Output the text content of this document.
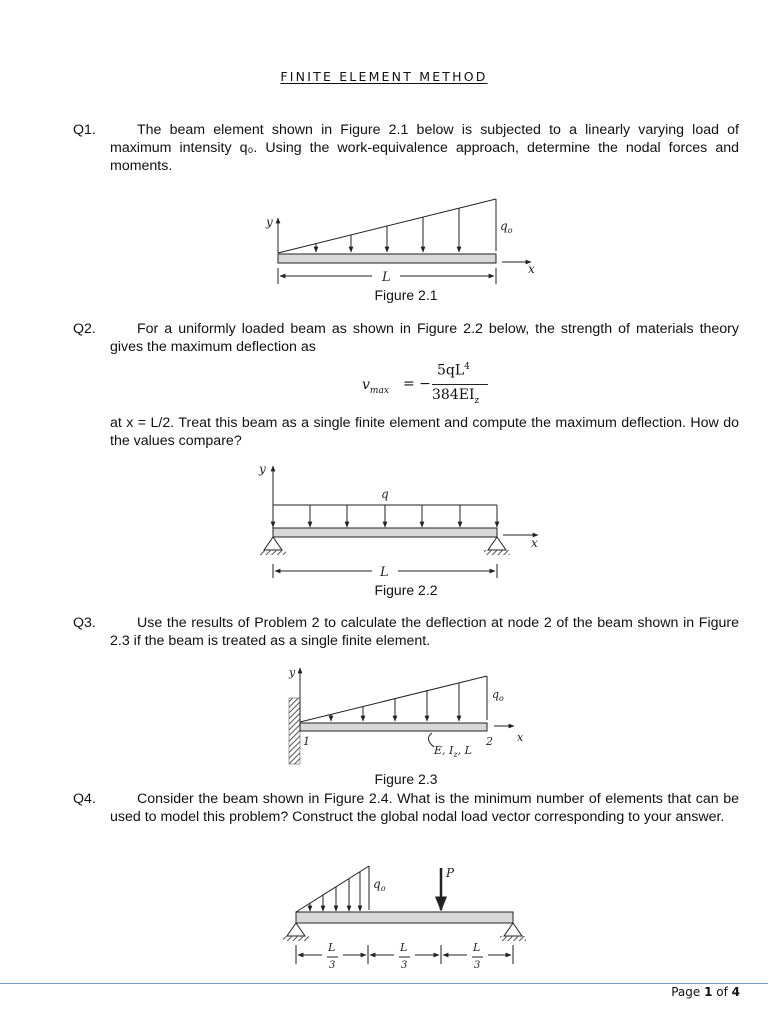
FINITE ELEMENT METHOD
Q1.	The beam element shown in Figure 2.1 below is subjected to a linearly varying load of maximum intensity q₀. Using the work-equivalence approach, determine the nodal forces and moments.
y
x
$q_o$
L
y
q
x
L
y
x
1	2
$q_o$
E, $I_z$, L
$q_o$
P
L
3
L
3
L
3
Figure 2.1
Q2.	For a uniformly loaded beam as shown in Figure 2.2 below, the strength of materials theory gives the maximum deflection as
$v_{max}$ = −
$5qL^4$
$384EI_z$
at x = L/2. Treat this beam as a single finite element and compute the maximum deflection. How do the values compare?
Figure 2.2
Q3.	Use the results of Problem 2 to calculate the deflection at node 2 of the beam shown in Figure 2.3 if the beam is treated as a single finite element.
Figure 2.3
Q4.	Consider the beam shown in Figure 2.4. What is the minimum number of elements that can be used to model this problem? Construct the global nodal load vector corresponding to your answer.
Page 1 of 4
